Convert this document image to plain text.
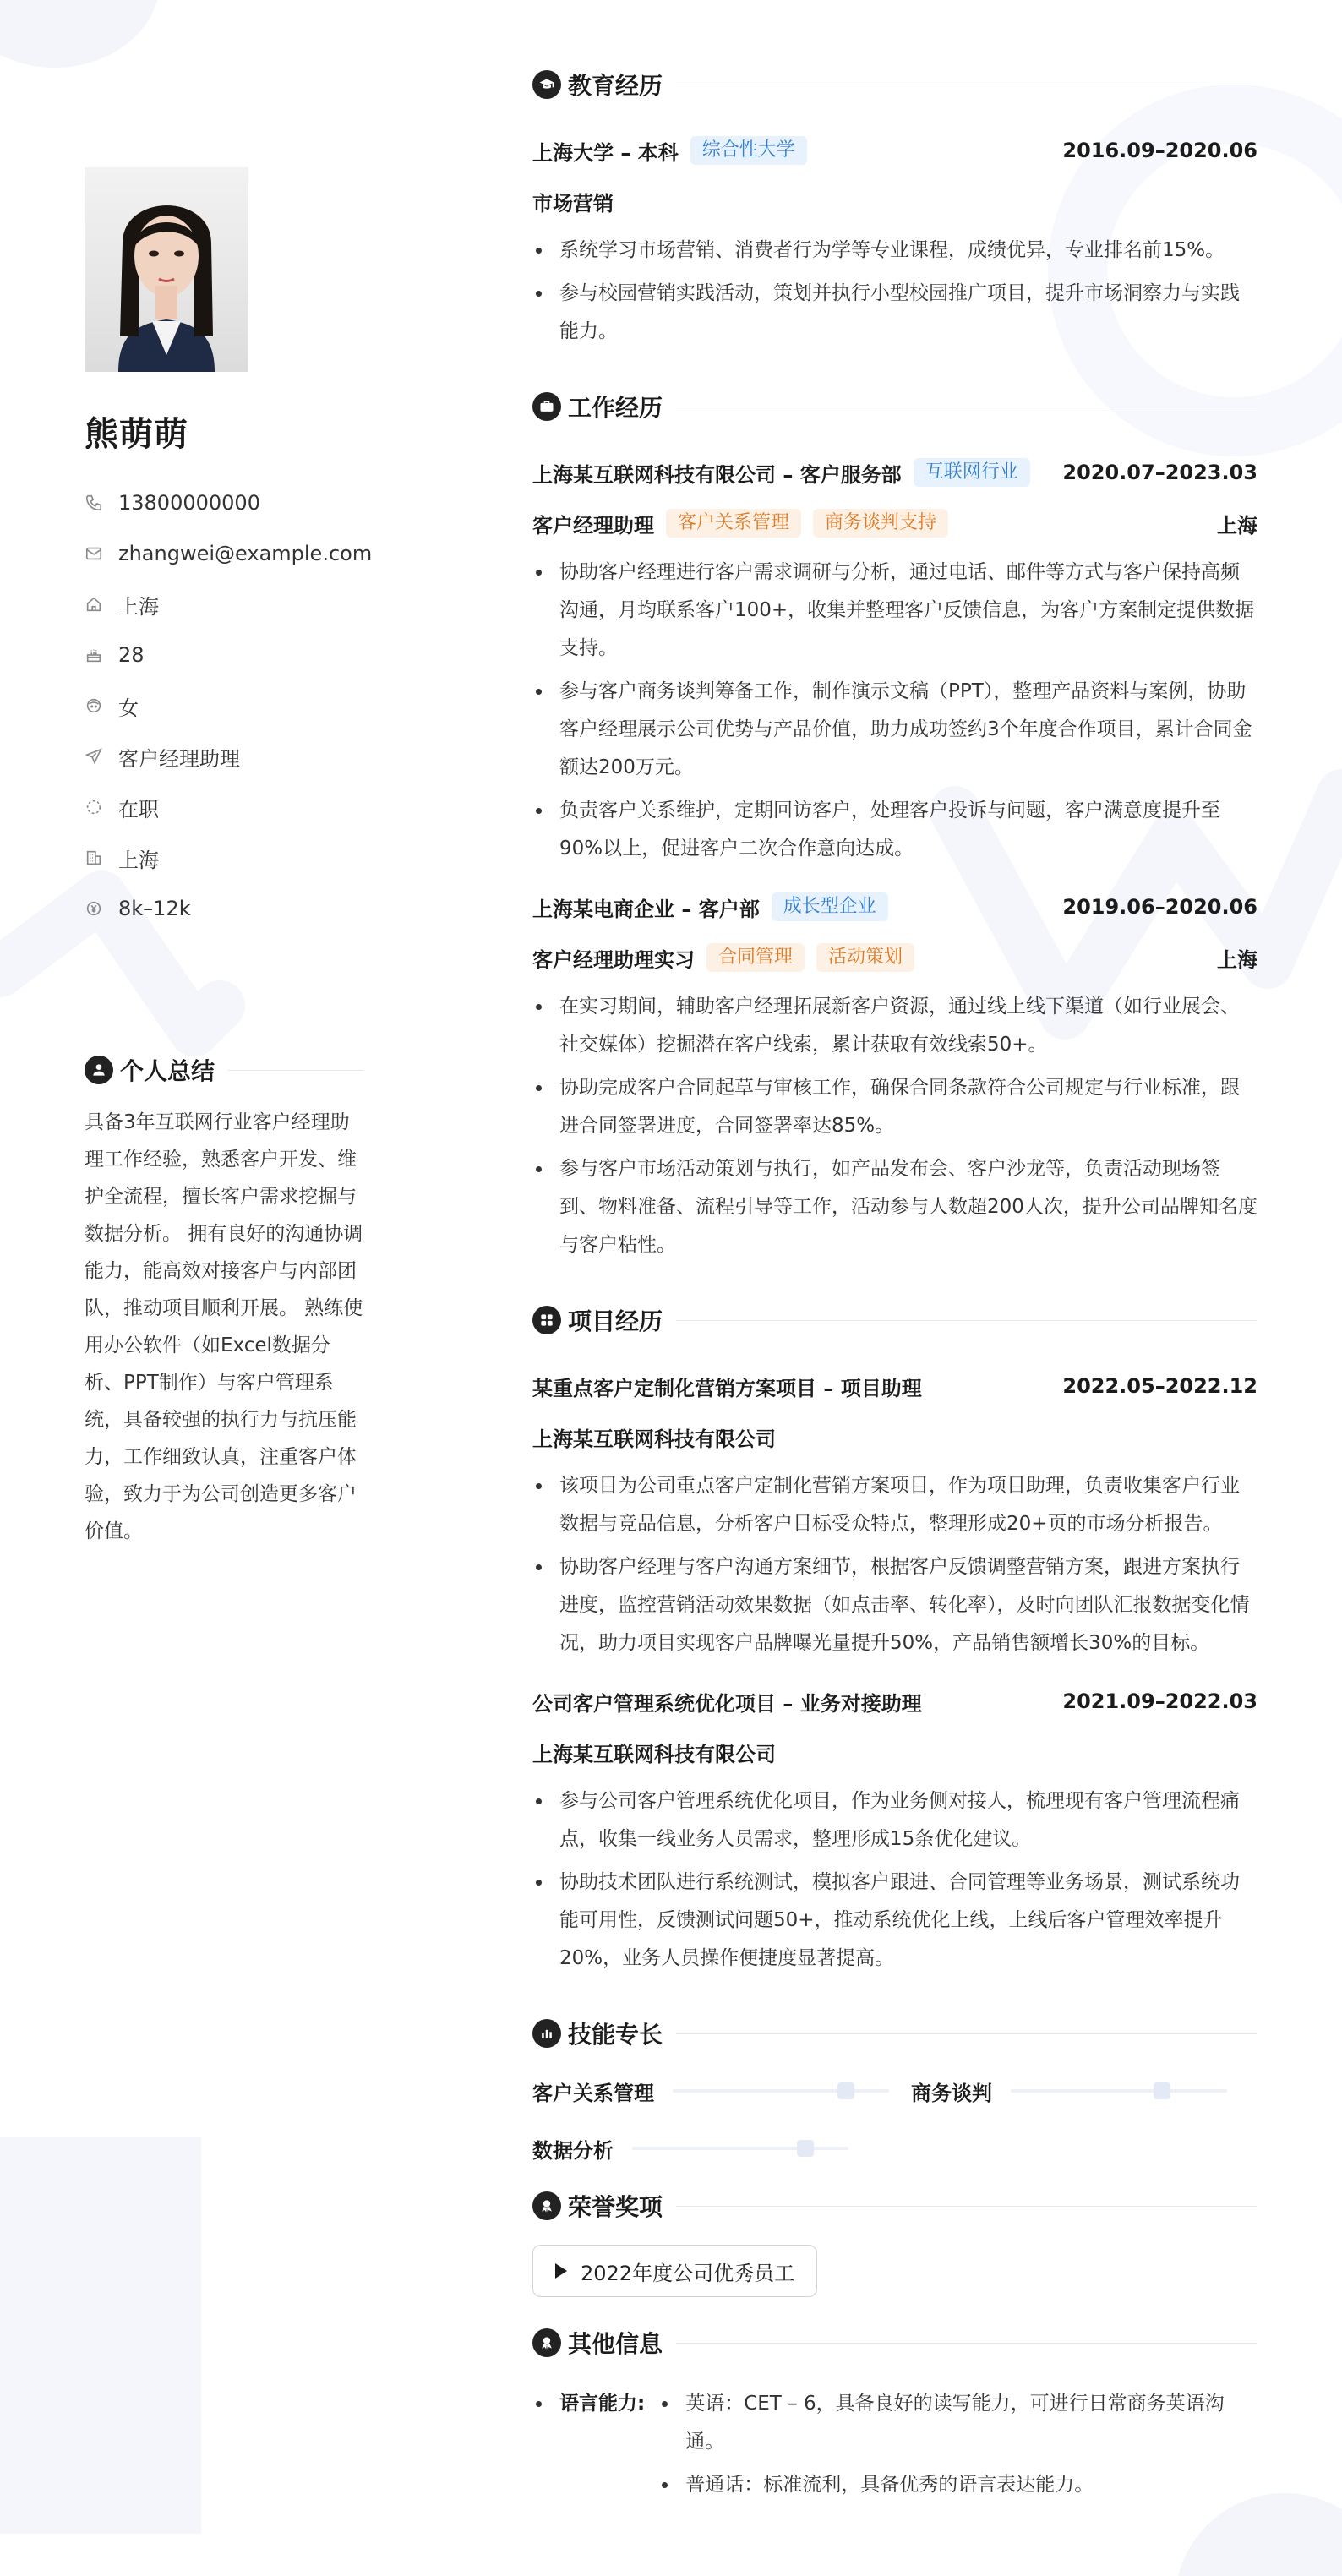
熊萌萌
13800000000
zhangwei@example.com
上海
28
女
客户经理助理
在职
上海
8k–12k
个人总结
具备3年互联网行业客户经理助理工作经验，熟悉客户开发、维护全流程，擅长客户需求挖掘与数据分析。 拥有良好的沟通协调能力，能高效对接客户与内部团队，推动项目顺利开展。 熟练使用办公软件（如Excel数据分析、PPT制作）与客户管理系统，具备较强的执行力与抗压能力，工作细致认真，注重客户体验，致力于为公司创造更多客户价值。
教育经历
上海大学 – 本科	综合性大学	2016.09–2020.06
市场营销
系统学习市场营销、消费者行为学等专业课程，成绩优异，专业排名前15%。
参与校园营销实践活动，策划并执行小型校园推广项目，提升市场洞察力与实践能力。
工作经历
上海某互联网科技有限公司 – 客户服务部	互联网行业	2020.07–2023.03
客户经理助理	客户关系管理	商务谈判支持	上海
协助客户经理进行客户需求调研与分析，通过电话、邮件等方式与客户保持高频沟通，月均联系客户100+，收集并整理客户反馈信息，为客户方案制定提供数据支持。
参与客户商务谈判筹备工作，制作演示文稿（PPT），整理产品资料与案例，协助客户经理展示公司优势与产品价值，助力成功签约3个年度合作项目，累计合同金额达200万元。
负责客户关系维护，定期回访客户，处理客户投诉与问题，客户满意度提升至90%以上，促进客户二次合作意向达成。
上海某电商企业 – 客户部	成长型企业	2019.06–2020.06
客户经理助理实习	合同管理	活动策划	上海
在实习期间，辅助客户经理拓展新客户资源，通过线上线下渠道（如行业展会、社交媒体）挖掘潜在客户线索，累计获取有效线索50+。
协助完成客户合同起草与审核工作，确保合同条款符合公司规定与行业标准，跟进合同签署进度，合同签署率达85%。
参与客户市场活动策划与执行，如产品发布会、客户沙龙等，负责活动现场签到、物料准备、流程引导等工作，活动参与人数超200人次，提升公司品牌知名度与客户粘性。
项目经历
某重点客户定制化营销方案项目 – 项目助理	2022.05–2022.12
上海某互联网科技有限公司
该项目为公司重点客户定制化营销方案项目，作为项目助理，负责收集客户行业数据与竞品信息，分析客户目标受众特点，整理形成20+页的市场分析报告。
协助客户经理与客户沟通方案细节，根据客户反馈调整营销方案，跟进方案执行进度，监控营销活动效果数据（如点击率、转化率），及时向团队汇报数据变化情况，助力项目实现客户品牌曝光量提升50%，产品销售额增长30%的目标。
公司客户管理系统优化项目 – 业务对接助理	2021.09–2022.03
上海某互联网科技有限公司
参与公司客户管理系统优化项目，作为业务侧对接人，梳理现有客户管理流程痛点，收集一线业务人员需求，整理形成15条优化建议。
协助技术团队进行系统测试，模拟客户跟进、合同管理等业务场景，测试系统功能可用性，反馈测试问题50+，推动系统优化上线，上线后客户管理效率提升20%，业务人员操作便捷度显著提高。
技能专长
客户关系管理	商务谈判
数据分析
荣誉奖项
2022年度公司优秀员工
其他信息
语言能力:	英语：CET – 6，具备良好的读写能力，可进行日常商务英语沟通。
普通话：标准流利，具备优秀的语言表达能力。
